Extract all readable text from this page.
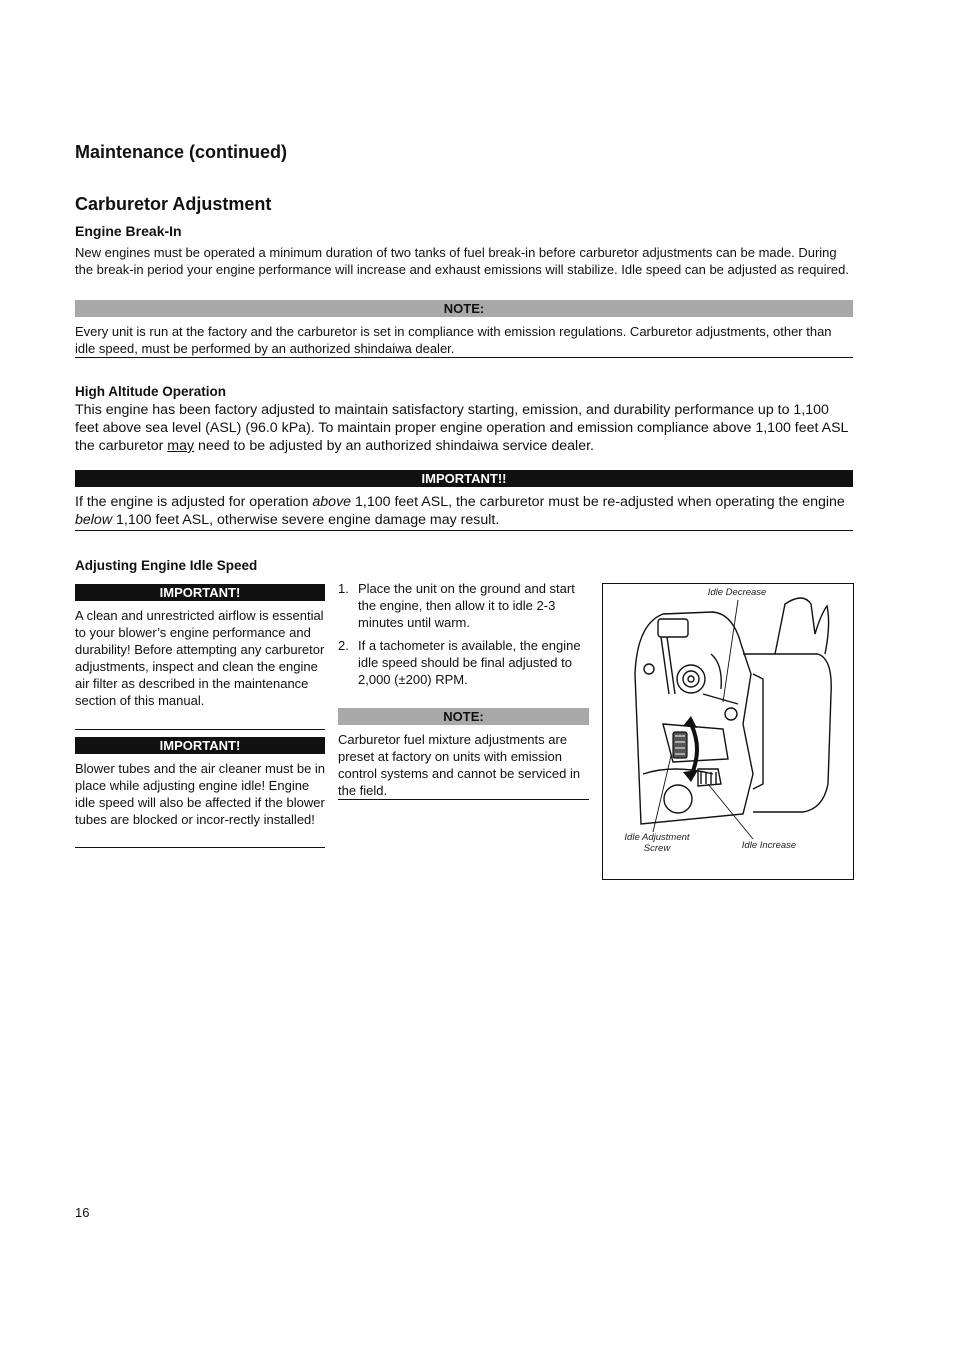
Maintenance (continued)
Carburetor Adjustment
Engine Break-In
New engines must be operated a minimum duration of two tanks of fuel break-in before carburetor adjustments can be made. During the break-in period your engine performance will increase and exhaust emissions will stabilize. Idle speed can be adjusted as required.
NOTE:
Every unit is run at the factory and the carburetor is set in compliance with emission regulations. Carburetor adjustments, other than idle speed, must be performed by an authorized shindaiwa dealer.
High Altitude Operation
This engine has been factory adjusted to maintain satisfactory starting, emission, and durability performance up to 1,100 feet above sea level (ASL) (96.0 kPa). To maintain proper engine operation and emission compliance above 1,100 feet ASL the carburetor may need to be adjusted by an authorized shindaiwa service dealer.
IMPORTANT!!
If the engine is adjusted for operation above 1,100 feet ASL, the carburetor must be re-adjusted when operating the engine below 1,100 feet ASL, otherwise severe engine damage may result.
Adjusting Engine Idle Speed
IMPORTANT!
A clean and unrestricted airflow is essential to your blower’s engine performance and durability! Before attempting any carburetor adjustments, inspect and clean the engine air filter as described in the maintenance section of this manual.
IMPORTANT!
Blower tubes and the air cleaner must be in place while adjusting engine idle! Engine idle speed will also be affected if the blower tubes are blocked or incor-rectly installed!
1. Place the unit on the ground and start the engine, then allow it to idle 2-3 minutes until warm.
2. If a tachometer is available, the engine idle speed should be final adjusted to 2,000 (±200) RPM.
NOTE:
Carburetor fuel mixture adjustments are preset at factory on units with emission control systems and cannot be serviced in the field.
Idle Decrease
Idle Adjustment Screw	Idle Increase
16
